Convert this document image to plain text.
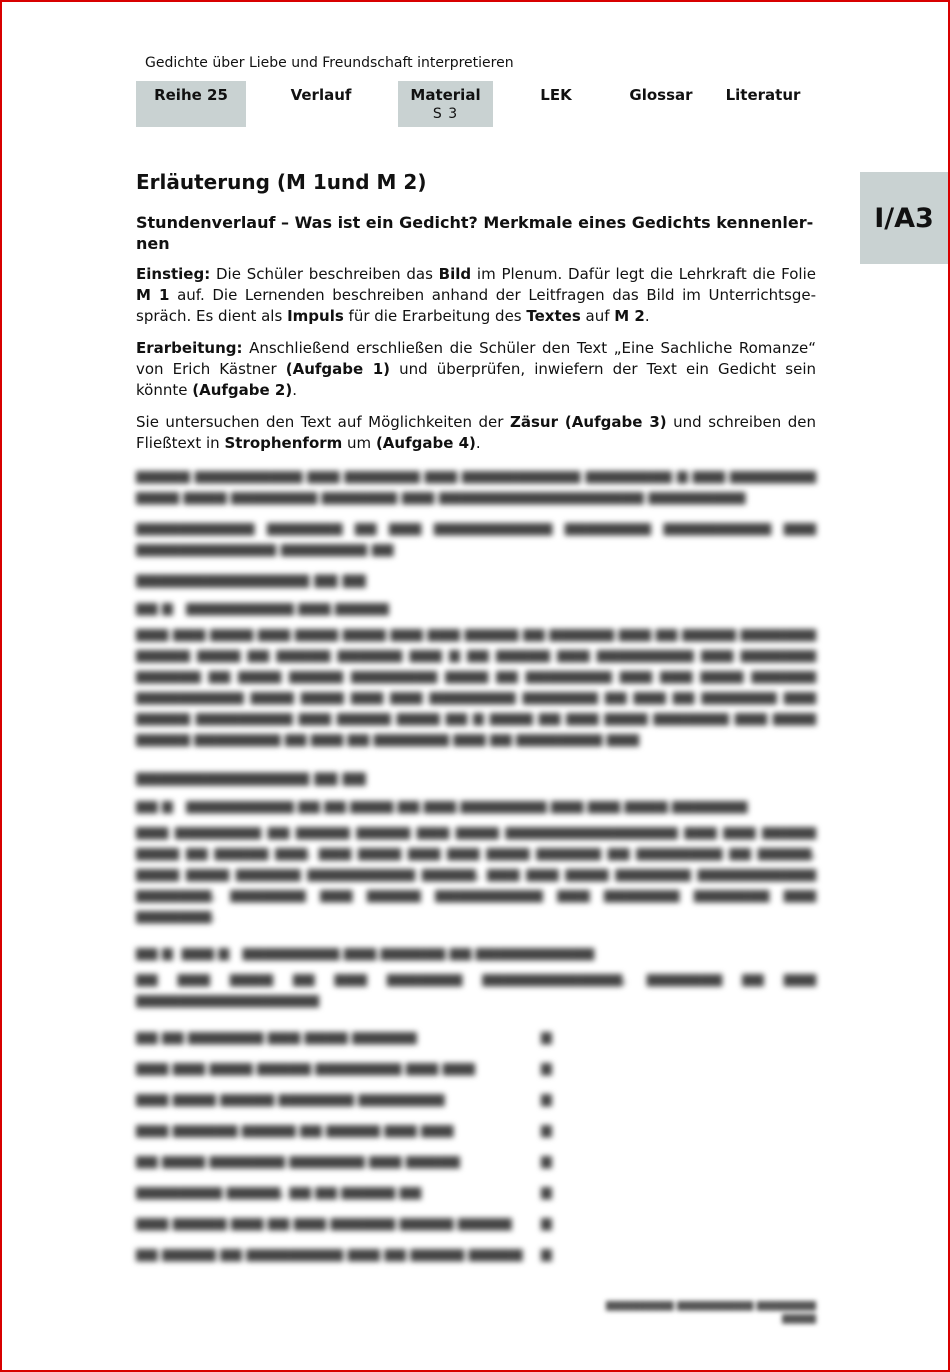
Gedichte über Liebe und Freundschaft interpretieren
Reihe 25	Verlauf	Material
S 3
LEK	Glossar	Literatur
I/A3
Erläuterung (M 1und M 2)
Stundenverlauf – Was ist ein Gedicht? Merkmale eines Gedichts kennenler-nen

Einstieg: Die Schüler beschreiben das Bild im Plenum. Dafür legt die Lehrkraft die Folie M 1 auf. Die Lernenden beschreiben anhand der Leitfragen das Bild im Unterrichtsge-spräch. Es dient als Impuls für die Erarbeitung des Textes auf M 2.

Erarbeitung: Anschließend erschließen die Schüler den Text „Eine Sachliche Romanze“ von Erich Kästner (Aufgabe 1) und überprüfen, inwiefern der Text ein Gedicht sein könnte (Aufgabe 2).

Sie untersuchen den Text auf Möglichkeiten der Zäsur (Aufgabe 3) und schreiben den Fließtext in Strophenform um (Aufgabe 4).

▆▆▆▆▆ ▆▆▆▆▆▆▆▆▆▆ ▆▆▆ ▆▆▆▆▆▆▆ ▆▆▆ ▆▆▆▆▆▆▆▆▆▆▆ ▆▆▆▆▆▆▆▆ ▆ ▆▆▆ ▆▆▆▆▆▆▆▆ ▆▆▆▆ ▆▆▆▆ ▆▆▆▆▆▆▆▆ ▆▆▆▆▆▆▆ ▆▆▆ ▆▆▆▆▆▆▆▆▆▆▆▆▆▆▆▆▆▆▆ ▆▆▆▆▆▆▆▆▆
▆▆▆▆▆▆▆▆▆▆▆ ▆▆▆▆▆▆▆ ▆▆ ▆▆▆ ▆▆▆▆▆▆▆▆▆▆▆ ▆▆▆▆▆▆▆▆ ▆▆▆▆▆▆▆▆▆▆ ▆▆▆ ▆▆▆▆▆▆▆▆▆▆▆▆▆ ▆▆▆▆▆▆▆▆ ▆▆
▆▆▆▆▆▆▆▆▆▆▆▆▆▆▆ ▆▆ ▆▆
▆▆ ▆   ▆▆▆▆▆▆▆▆▆▆ ▆▆▆ ▆▆▆▆▆
▆▆▆ ▆▆▆ ▆▆▆▆ ▆▆▆ ▆▆▆▆ ▆▆▆▆ ▆▆▆ ▆▆▆ ▆▆▆▆▆ ▆▆ ▆▆▆▆▆▆ ▆▆▆ ▆▆ ▆▆▆▆▆ ▆▆▆▆▆▆▆ ▆▆▆▆▆ ▆▆▆▆ ▆▆ ▆▆▆▆▆ ▆▆▆▆▆▆ ▆▆▆ ▆ ▆▆ ▆▆▆▆▆ ▆▆▆ ▆▆▆▆▆▆▆▆▆ ▆▆▆ ▆▆▆▆▆▆▆ ▆▆▆▆▆▆ ▆▆ ▆▆▆▆ ▆▆▆▆▆ ▆▆▆▆▆▆▆▆ ▆▆▆▆ ▆▆ ▆▆▆▆▆▆▆▆ ▆▆▆ ▆▆▆ ▆▆▆▆ ▆▆▆▆▆▆ ▆▆▆▆▆▆▆▆▆▆ ▆▆▆▆ ▆▆▆▆ ▆▆▆ ▆▆▆ ▆▆▆▆▆▆▆▆ ▆▆▆▆▆▆▆ ▆▆ ▆▆▆ ▆▆ ▆▆▆▆▆▆▆ ▆▆▆ ▆▆▆▆▆ ▆▆▆▆▆▆▆▆▆ ▆▆▆ ▆▆▆▆▆ ▆▆▆▆ ▆▆ ▆ ▆▆▆▆ ▆▆ ▆▆▆ ▆▆▆▆ ▆▆▆▆▆▆▆ ▆▆▆ ▆▆▆▆ ▆▆▆▆▆ ▆▆▆▆▆▆▆▆ ▆▆ ▆▆▆ ▆▆ ▆▆▆▆▆▆▆ ▆▆▆ ▆▆ ▆▆▆▆▆▆▆▆ ▆▆▆
▆▆▆▆▆▆▆▆▆▆▆▆▆▆▆ ▆▆ ▆▆
▆▆ ▆   ▆▆▆▆▆▆▆▆▆▆ ▆▆ ▆▆ ▆▆▆▆ ▆▆ ▆▆▆ ▆▆▆▆▆▆▆▆ ▆▆▆ ▆▆▆ ▆▆▆▆ ▆▆▆▆▆▆▆
▆▆▆ ▆▆▆▆▆▆▆▆ ▆▆ ▆▆▆▆▆ ▆▆▆▆▆ ▆▆▆ ▆▆▆▆ ▆▆▆▆▆▆▆▆▆▆▆▆▆▆▆▆ ▆▆▆ ▆▆▆ ▆▆▆▆▆ ▆▆▆▆ ▆▆ ▆▆▆▆▆ ▆▆▆. ▆▆▆ ▆▆▆▆ ▆▆▆ ▆▆▆ ▆▆▆▆ ▆▆▆▆▆▆ ▆▆ ▆▆▆▆▆▆▆▆ ▆▆ ▆▆▆▆▆, ▆▆▆▆ ▆▆▆▆ ▆▆▆▆▆▆ ▆▆▆▆▆▆▆▆▆▆ ▆▆▆▆▆, ▆▆▆ ▆▆▆ ▆▆▆▆ ▆▆▆▆▆▆▆ ▆▆▆▆▆▆▆▆▆▆▆ ▆▆▆▆▆▆▆, ▆▆▆▆▆▆▆ ▆▆▆ ▆▆▆▆▆ ▆▆▆▆▆▆▆▆▆▆ ▆▆▆ ▆▆▆▆▆▆▆ ▆▆▆▆▆▆▆ ▆▆▆ ▆▆▆▆▆▆▆.
▆▆ ▆  ▆▆▆ ▆   ▆▆▆▆▆▆▆▆▆ ▆▆▆ ▆▆▆▆▆▆ ▆▆ ▆▆▆▆▆▆▆▆▆▆▆
▆▆ ▆▆▆ ▆▆▆▆ ▆▆ ▆▆▆ ▆▆▆▆▆▆▆ ▆▆▆▆▆▆▆▆▆▆▆▆▆, ▆▆▆▆▆▆▆ ▆▆ ▆▆▆ ▆▆▆▆▆▆▆▆▆▆▆▆▆▆▆▆▆
▆▆ ▆▆ ▆▆▆▆▆▆▆ ▆▆▆ ▆▆▆▆ ▆▆▆▆▆▆	▆
▆▆▆ ▆▆▆ ▆▆▆▆ ▆▆▆▆▆ ▆▆▆▆▆▆▆▆ ▆▆▆ ▆▆▆	▆
▆▆▆ ▆▆▆▆ ▆▆▆▆▆ ▆▆▆▆▆▆▆ ▆▆▆▆▆▆▆▆	▆
▆▆▆ ▆▆▆▆▆▆ ▆▆▆▆▆ ▆▆ ▆▆▆▆▆ ▆▆▆ ▆▆▆	▆
▆▆ ▆▆▆▆ ▆▆▆▆▆▆▆ ▆▆▆▆▆▆▆ ▆▆▆ ▆▆▆▆▆	▆
▆▆▆▆▆▆▆▆ ▆▆▆▆▆, ▆▆ ▆▆ ▆▆▆▆▆ ▆▆	▆
▆▆▆ ▆▆▆▆▆ ▆▆▆ ▆▆ ▆▆▆ ▆▆▆▆▆▆ ▆▆▆▆▆ ▆▆▆▆▆	▆
▆▆ ▆▆▆▆▆ ▆▆ ▆▆▆▆▆▆▆▆▆ ▆▆▆ ▆▆ ▆▆▆▆▆ ▆▆▆▆▆	▆
▆▆▆▆▆▆▆▆ ▆▆▆▆▆▆▆▆▆ ▆▆▆▆▆▆▆ ▆▆▆▆
